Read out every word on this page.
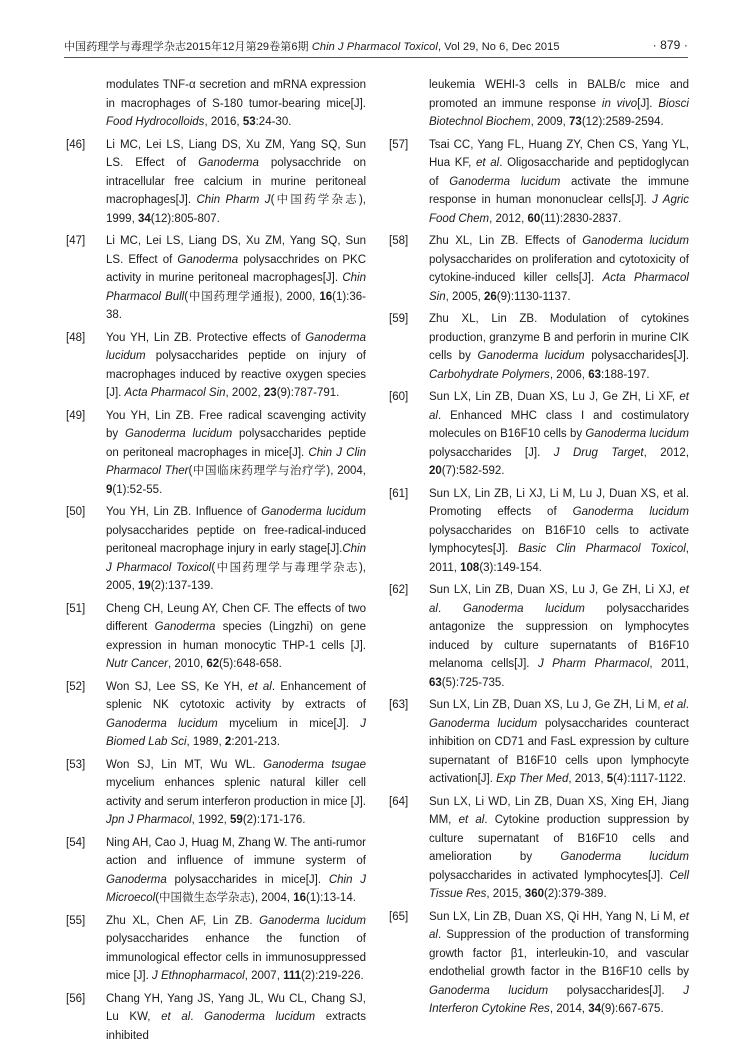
中国药理学与毒理学杂志2015年12月第29卷第6期 Chin J Pharmacol Toxicol, Vol 29, No 6, Dec 2015	· 879 ·
modulates TNF-α secretion and mRNA expression in macrophages of S-180 tumor-bearing mice[J]. Food Hydrocolloids, 2016, 53:24-30.
[46] Li MC, Lei LS, Liang DS, Xu ZM, Yang SQ, Sun LS. Effect of Ganoderma polysacchride on intracellular free calcium in murine peritoneal macrophages[J]. Chin Pharm J(中国药学杂志), 1999, 34(12):805-807.
[47] Li MC, Lei LS, Liang DS, Xu ZM, Yang SQ, Sun LS. Effect of Ganoderma polysacchrides on PKC activity in murine peritoneal macrophages[J]. Chin Pharmacol Bull(中国药理学通报), 2000, 16(1):36-38.
[48] You YH, Lin ZB. Protective effects of Ganoderma lucidum polysaccharides peptide on injury of macrophages induced by reactive oxygen species [J]. Acta Pharmacol Sin, 2002, 23(9):787-791.
[49] You YH, Lin ZB. Free radical scavenging activity by Ganoderma lucidum polysaccharides peptide on peritoneal macrophages in mice[J]. Chin J Clin Pharmacol Ther(中国临床药理学与治疗学), 2004, 9(1):52-55.
[50] You YH, Lin ZB. Influence of Ganoderma lucidum polysaccharides peptide on free-radical-induced peritoneal macrophage injury in early stage[J].Chin J Pharmacol Toxicol(中国药理学与毒理学杂志), 2005, 19(2):137-139.
[51] Cheng CH, Leung AY, Chen CF. The effects of two different Ganoderma species (Lingzhi) on gene expression in human monocytic THP-1 cells [J]. Nutr Cancer, 2010, 62(5):648-658.
[52] Won SJ, Lee SS, Ke YH, et al. Enhancement of splenic NK cytotoxic activity by extracts of Ganoderma lucidum mycelium in mice[J]. J Biomed Lab Sci, 1989, 2:201-213.
[53] Won SJ, Lin MT, Wu WL. Ganoderma tsugae mycelium enhances splenic natural killer cell activity and serum interferon production in mice [J]. Jpn J Pharmacol, 1992, 59(2):171-176.
[54] Ning AH, Cao J, Huag M, Zhang W. The anti-rumor action and influence of immune systerm of Ganoderma polysaccharides in mice[J]. Chin J Microecol(中国微生态学杂志), 2004, 16(1):13-14.
[55] Zhu XL, Chen AF, Lin ZB. Ganoderma lucidum polysaccharides enhance the function of immunological effector cells in immunosuppressed mice [J]. J Ethnopharmacol, 2007, 111(2):219-226.
[56] Chang YH, Yang JS, Yang JL, Wu CL, Chang SJ, Lu KW, et al. Ganoderma lucidum extracts inhibited
leukemia WEHI-3 cells in BALB/c mice and promoted an immune response in vivo[J]. Biosci Biotechnol Biochem, 2009, 73(12):2589-2594.
[57] Tsai CC, Yang FL, Huang ZY, Chen CS, Yang YL, Hua KF, et al. Oligosaccharide and peptidoglycan of Ganoderma lucidum activate the immune response in human mononuclear cells[J]. J Agric Food Chem, 2012, 60(11):2830-2837.
[58] Zhu XL, Lin ZB. Effects of Ganoderma lucidum polysaccharides on proliferation and cytotoxicity of cytokine-induced killer cells[J]. Acta Pharmacol Sin, 2005, 26(9):1130-1137.
[59] Zhu XL, Lin ZB. Modulation of cytokines production, granzyme B and perforin in murine CIK cells by Ganoderma lucidum polysaccharides[J]. Carbohydrate Polymers, 2006, 63:188-197.
[60] Sun LX, Lin ZB, Duan XS, Lu J, Ge ZH, Li XF, et al. Enhanced MHC class I and costimulatory molecules on B16F10 cells by Ganoderma lucidum polysaccharides [J]. J Drug Target, 2012, 20(7):582-592.
[61] Sun LX, Lin ZB, Li XJ, Li M, Lu J, Duan XS, et al. Promoting effects of Ganoderma lucidum polysaccharides on B16F10 cells to activate lymphocytes[J]. Basic Clin Pharmacol Toxicol, 2011, 108(3):149-154.
[62] Sun LX, Lin ZB, Duan XS, Lu J, Ge ZH, Li XJ, et al. Ganoderma lucidum polysaccharides antagonize the suppression on lymphocytes induced by culture supernatants of B16F10 melanoma cells[J]. J Pharm Pharmacol, 2011, 63(5):725-735.
[63] Sun LX, Lin ZB, Duan XS, Lu J, Ge ZH, Li M, et al. Ganoderma lucidum polysaccharides counteract inhibition on CD71 and FasL expression by culture supernatant of B16F10 cells upon lymphocyte activation[J]. Exp Ther Med, 2013, 5(4):1117-1122.
[64] Sun LX, Li WD, Lin ZB, Duan XS, Xing EH, Jiang MM, et al. Cytokine production suppression by culture supernatant of B16F10 cells and amelioration by Ganoderma lucidum polysaccharides in activated lymphocytes[J]. Cell Tissue Res, 2015, 360(2):379-389.
[65] Sun LX, Lin ZB, Duan XS, Qi HH, Yang N, Li M, et al. Suppression of the production of transforming growth factor β1, interleukin-10, and vascular endothelial growth factor in the B16F10 cells by Ganoderma lucidum polysaccharides[J]. J Interferon Cytokine Res, 2014, 34(9):667-675.
